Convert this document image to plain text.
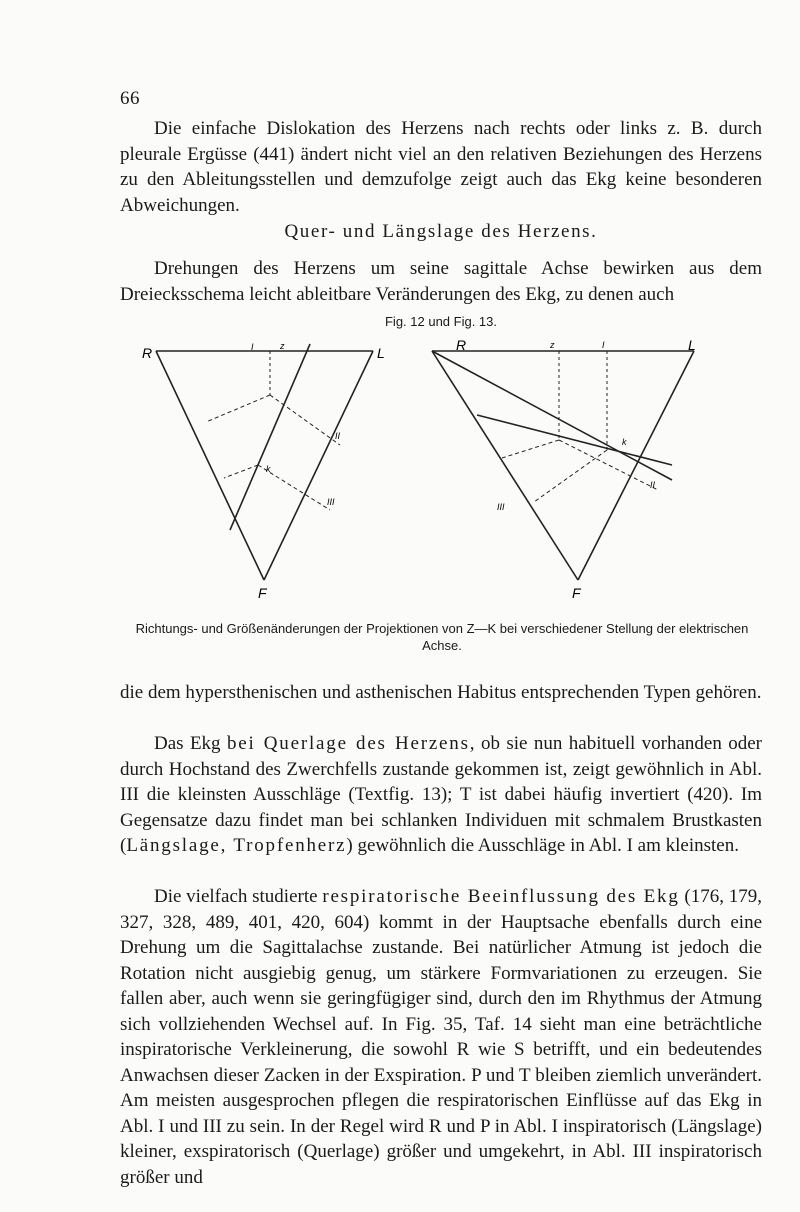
66

Die einfache Dislokation des Herzens nach rechts oder links z. B. durch pleurale Ergüsse (441) ändert nicht viel an den relativen Beziehungen des Herzens zu den Ableitungsstellen und demzufolge zeigt auch das Ekg keine besonderen Abweichungen.

Quer- und Längslage des Herzens.

Drehungen des Herzens um seine sagittale Achse bewirken aus dem Dreiecksschema leicht ableitbare Veränderungen des Ekg, zu denen auch

Fig. 12 und Fig. 13.

R	L
F
z
k
I
II
III
R	L
F
z
k
I
II
III

Richtungs- und Größenänderungen der Projektionen von Z—K bei verschiedener Stellung der elektrischen Achse.

die dem hypersthenischen und asthenischen Habitus entsprechenden Typen gehören.

Das Ekg bei Querlage des Herzens, ob sie nun habituell vorhanden oder durch Hochstand des Zwerchfells zustande gekommen ist, zeigt gewöhnlich in Abl. III die kleinsten Ausschläge (Textfig. 13); T ist dabei häufig invertiert (420). Im Gegensatze dazu findet man bei schlanken Individuen mit schmalem Brustkasten (Längslage, Tropfenherz) gewöhnlich die Ausschläge in Abl. I am kleinsten.

Die vielfach studierte respiratorische Beeinflussung des Ekg (176, 179, 327, 328, 489, 401, 420, 604) kommt in der Hauptsache ebenfalls durch eine Drehung um die Sagittalachse zustande. Bei natürlicher Atmung ist jedoch die Rotation nicht ausgiebig genug, um stärkere Formvariationen zu erzeugen. Sie fallen aber, auch wenn sie geringfügiger sind, durch den im Rhythmus der Atmung sich vollziehenden Wechsel auf. In Fig. 35, Taf. 14 sieht man eine beträchtliche inspiratorische Verkleinerung, die sowohl R wie S betrifft, und ein bedeutendes Anwachsen dieser Zacken in der Exspiration. P und T bleiben ziemlich unverändert. Am meisten ausgesprochen pflegen die respiratorischen Einflüsse auf das Ekg in Abl. I und III zu sein. In der Regel wird R und P in Abl. I inspiratorisch (Längslage) kleiner, exspiratorisch (Querlage) größer und umgekehrt, in Abl. III inspiratorisch größer und
